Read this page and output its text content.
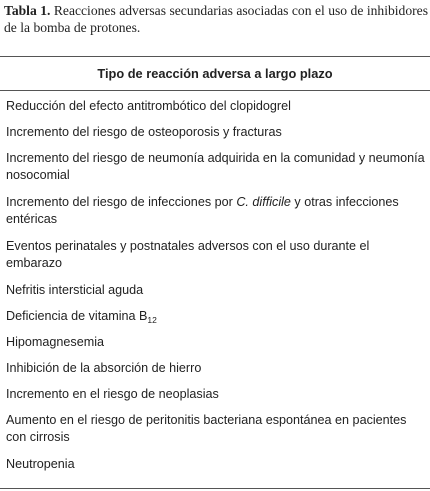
Tabla 1. Reacciones adversas secundarias asociadas con el uso de inhibidores de la bomba de protones.
Tipo de reacción adversa a largo plazo
Reducción del efecto antitrombótico del clopidogrel
Incremento del riesgo de osteoporosis y fracturas
Incremento del riesgo de neumonía adquirida en la comunidad y neumonía nosocomial
Incremento del riesgo de infecciones por C. difficile y otras infecciones entéricas
Eventos perinatales y postnatales adversos con el uso durante el embarazo
Nefritis intersticial aguda
Deficiencia de vitamina $B_{12}$
Hipomagnesemia
Inhibición de la absorción de hierro
Incremento en el riesgo de neoplasias
Aumento en el riesgo de peritonitis bacteriana espontánea en pacientes con cirrosis
Neutropenia
